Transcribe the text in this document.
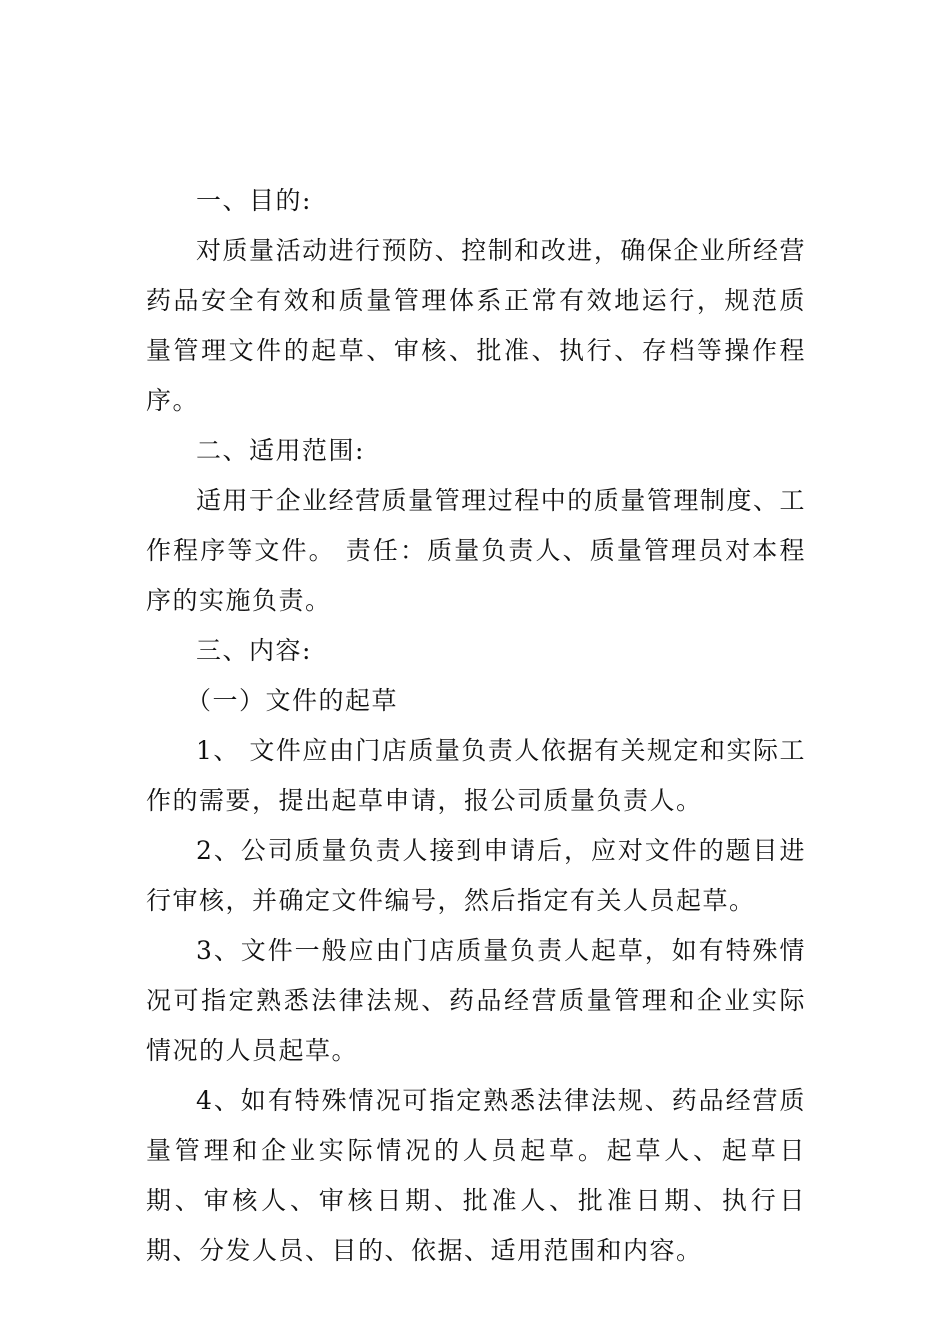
一、目的:

对质量活动进行预防、控制和改进，确保企业所经营药品安全有效和质量管理体系正常有效地运行，规范质量管理文件的起草、审核、批准、执行、存档等操作程序。

二、适用范围:

适用于企业经营质量管理过程中的质量管理制度、工作程序等文件。 责任：质量负责人、质量管理员对本程序的实施负责。

三、内容:

（一）文件的起草

1、 文件应由门店质量负责人依据有关规定和实际工作的需要，提出起草申请，报公司质量负责人。

2、公司质量负责人接到申请后，应对文件的题目进行审核，并确定文件编号，然后指定有关人员起草。

3、文件一般应由门店质量负责人起草，如有特殊情况可指定熟悉法律法规、药品经营质量管理和企业实际情况的人员起草。

4、如有特殊情况可指定熟悉法律法规、药品经营质量管理和企业实际情况的人员起草。起草人、起草日期、审核人、审核日期、批准人、批准日期、执行日期、分发人员、目的、依据、适用范围和内容。
